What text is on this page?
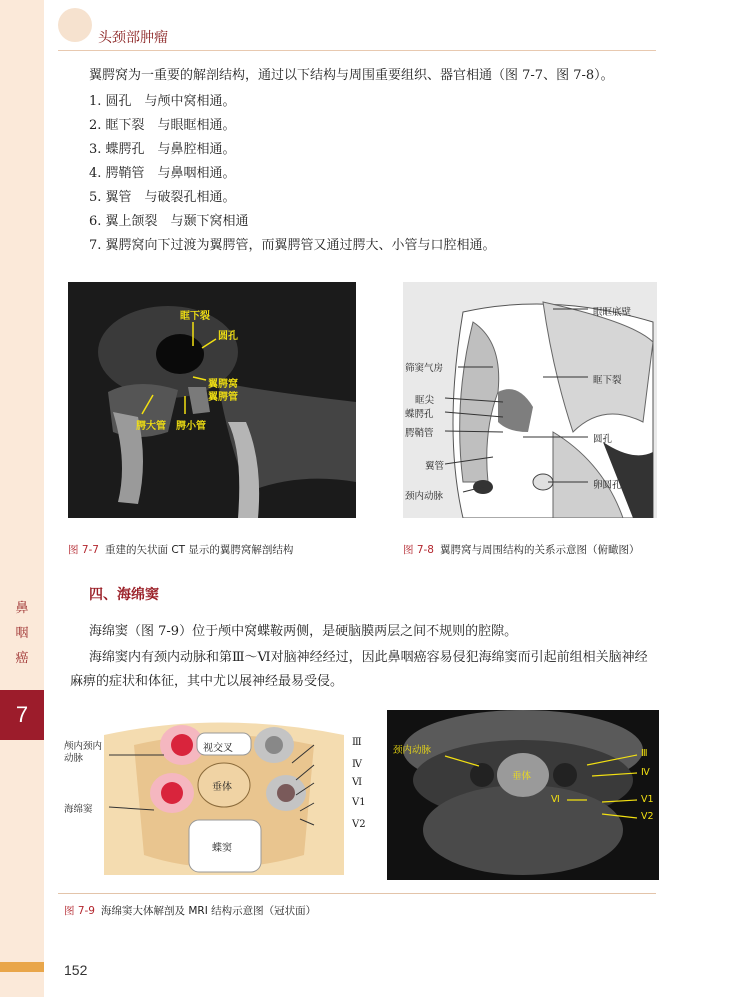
鼻
咽
癌
7
头颈部肿瘤
翼腭窝为一重要的解剖结构，通过以下结构与周围重要组织、器官相通（图 7-7、图 7-8）。
1. 圆孔　与颅中窝相通。
2. 眶下裂　与眼眶相通。
3. 蝶腭孔　与鼻腔相通。
4. 腭鞘管　与鼻咽相通。
5. 翼管　与破裂孔相通。
6. 翼上颌裂　与颞下窝相通
7. 翼腭窝向下过渡为翼腭管，而翼腭管又通过腭大、小管与口腔相通。
眶下裂
圆孔
翼腭窝
翼腭管
腭大管 腭小管
图 7-7 重建的矢状面 CT 显示的翼腭窝解剖结构
眼眶底壁
筛窦气房
眶下裂
眶尖
蝶腭孔
腭鞘管
圆孔
翼管
卵圆孔
颈内动脉
图 7-8 翼腭窝与周围结构的关系示意图（俯瞰图）
四、海绵窦
海绵窦（图 7-9）位于颅中窝蝶鞍两侧，是硬脑膜两层之间不规则的腔隙。
海绵窦内有颈内动脉和第Ⅲ～Ⅵ对脑神经经过，因此鼻咽癌容易侵犯海绵窦而引起前组相关脑神经
麻痹的症状和体征，其中尤以展神经最易受侵。
颅内颈内动脉
视交叉
垂体
海绵窦
蝶窦
Ⅲ
Ⅳ
Ⅵ
V1
V2
颈内动脉
垂体
Ⅲ
Ⅳ
Ⅵ	V1
V2
图 7-9 海绵窦大体解剖及 MRI 结构示意图（冠状面）
152
